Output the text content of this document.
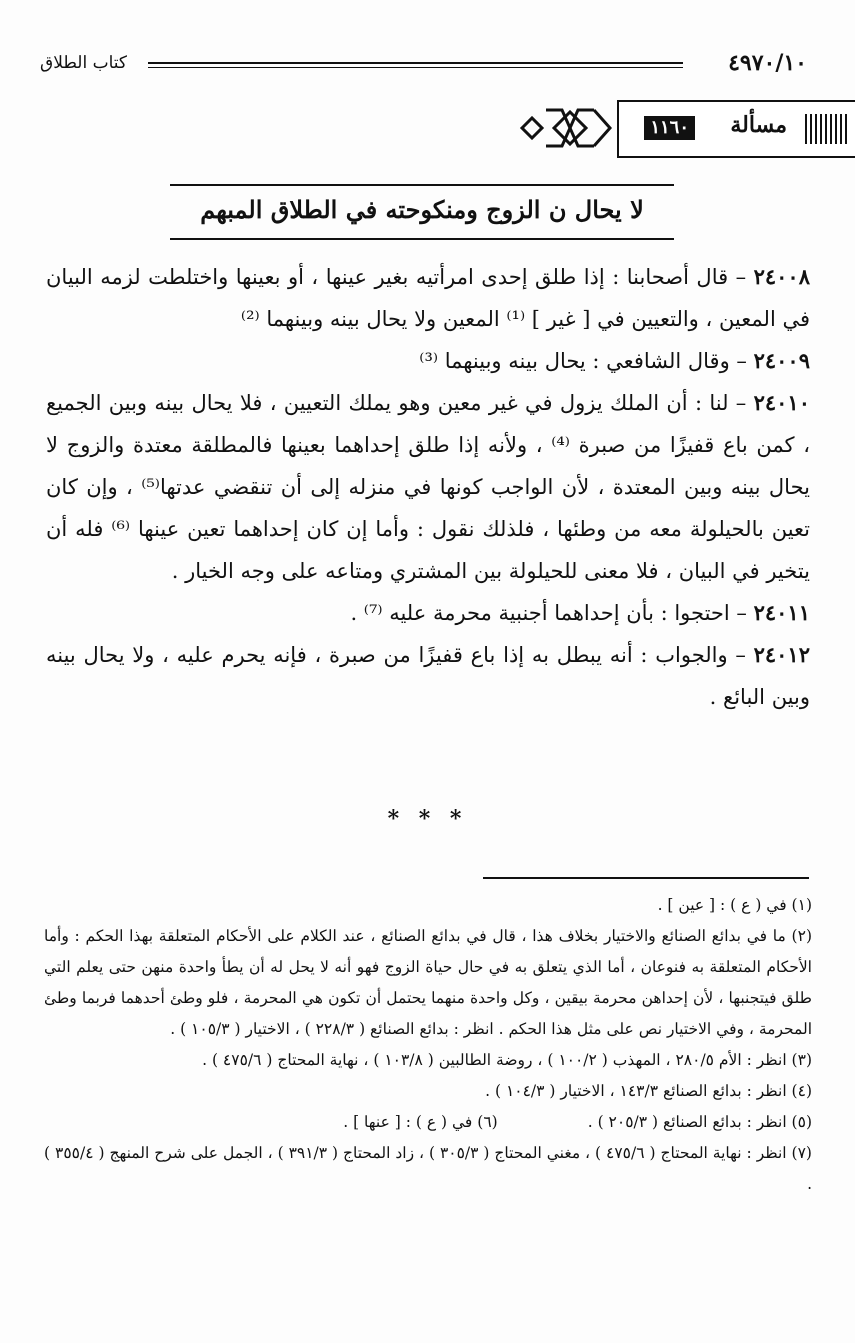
٤٩٧٠/١٠
كتاب الطلاق
مسألة
١١٦٠
لا يحال ن الزوج ومنكوحته في الطلاق المبهم

٢٤٠٠٨ – قال أصحابنا : إذا طلق إحدى امرأتيه بغير عينها ، أو بعينها واختلطت لزمه البيان في المعين ، والتعيين في [ غير ] ⁽¹⁾ المعين ولا يحال بينه وبينهما ⁽²⁾

٢٤٠٠٩ – وقال الشافعي : يحال بينه وبينهما ⁽³⁾

٢٤٠١٠ – لنا : أن الملك يزول في غير معين وهو يملك التعيين ، فلا يحال بينه وبين الجميع ، كمن باع قفيزًا من صبرة ⁽⁴⁾ ، ولأنه إذا طلق إحداهما بعينها فالمطلقة معتدة والزوج لا يحال بينه وبين المعتدة ، لأن الواجب كونها في منزله إلى أن تنقضي عدتها⁽⁵⁾ ، وإن كان تعين بالحيلولة معه من وطئها ، فلذلك نقول : وأما إن كان إحداهما تعين عينها ⁽⁶⁾ فله أن يتخير في البيان ، فلا معنى للحيلولة بين المشتري ومتاعه على وجه الخيار .

٢٤٠١١ – احتجوا : بأن إحداهما أجنبية محرمة عليه ⁽⁷⁾ .

٢٤٠١٢ – والجواب : أنه يبطل به إذا باع قفيزًا من صبرة ، فإنه يحرم عليه ، ولا يحال بينه وبين البائع .

* * *

(١) في ( ع ) : [ عين ] .

(٢) ما في بدائع الصنائع والاختيار بخلاف هذا ، قال في بدائع الصنائع ، عند الكلام على الأحكام المتعلقة بهذا الحكم : وأما الأحكام المتعلقة به فنوعان ، أما الذي يتعلق به في حال حياة الزوج فهو أنه لا يحل له أن يطأ واحدة منهن حتى يعلم التي طلق فيتجنبها ، لأن إحداهن محرمة بيقين ، وكل واحدة منهما يحتمل أن تكون هي المحرمة ، فلو وطئ أحدهما فربما وطئ المحرمة ، وفي الاختيار نص على مثل هذا الحكم . انظر : بدائع الصنائع ( ٢٢٨/٣ ) ، الاختيار ( ١٠٥/٣ ) .

(٣) انظر : الأم ٢٨٠/٥ ، المهذب ( ١٠٠/٢ ) ، روضة الطالبين ( ١٠٣/٨ ) ، نهاية المحتاج ( ٤٧٥/٦ ) .

(٤) انظر : بدائع الصنائع ١٤٣/٣ ، الاختيار ( ١٠٤/٣ ) .

(٥) انظر : بدائع الصنائع ( ٢٠٥/٣ ) .
(٦) في ( ع ) : [ عنها ] .

(٧) انظر : نهاية المحتاج ( ٤٧٥/٦ ) ، مغني المحتاج ( ٣٠٥/٣ ) ، زاد المحتاج ( ٣٩١/٣ ) ، الجمل على شرح المنهج ( ٣٥٥/٤ ) .
